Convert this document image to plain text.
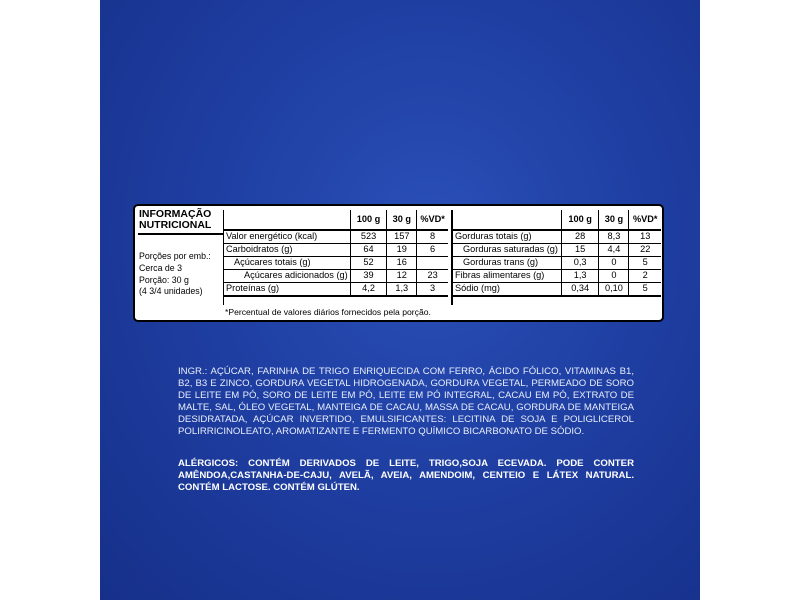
INFORMAÇÃO
NUTRICIONAL
Porções por emb.:
Cerca de 3
Porção: 30 g
(4 3/4 unidades)
	100 g	30 g	%VD*
Valor energético (kcal)	523	157	8
Carboidratos (g)	64	19	6
Açúcares totais (g)	52	16	
Açúcares adicionados (g)	39	12	23
Proteínas (g)	4,2	1,3	3
	100 g	30 g	%VD*
Gorduras totais (g)	28	8,3	13
Gorduras saturadas (g)	15	4,4	22
Gorduras trans (g)	0,3	0	5
Fibras alimentares (g)	1,3	0	2
Sódio (mg)	0,34	0,10	5
*Percentual de valores diários fornecidos pela porção.
INGR.: AÇÚCAR, FARINHA DE TRIGO ENRIQUECIDA COM FERRO, ÁCIDO FÓLICO, VITAMINAS B1, B2, B3 E ZINCO, GORDURA VEGETAL HIDROGENADA, GORDURA VEGETAL, PERMEADO DE SORO DE LEITE EM PÓ, SORO DE LEITE EM PÓ, LEITE EM PÓ INTEGRAL, CACAU EM PÓ, EXTRATO DE MALTE, SAL, ÓLEO VEGETAL, MANTEIGA DE CACAU, MASSA DE CACAU, GORDURA DE MANTEIGA DESIDRATADA, AÇÚCAR INVERTIDO, EMULSIFICANTES: LECITINA DE SOJA E POLIGLICEROL POLIRRICINOLEATO, AROMATIZANTE E FERMENTO QUÍMICO BICARBONATO DE SÓDIO.
ALÉRGICOS: CONTÉM DERIVADOS DE LEITE, TRIGO,SOJA ECEVADA. PODE CONTER AMÊNDOA,CASTANHA-DE-CAJU, AVELÃ, AVEIA, AMENDOIM, CENTEIO E LÁTEX NATURAL. CONTÉM LACTOSE. CONTÉM GLÚTEN.
